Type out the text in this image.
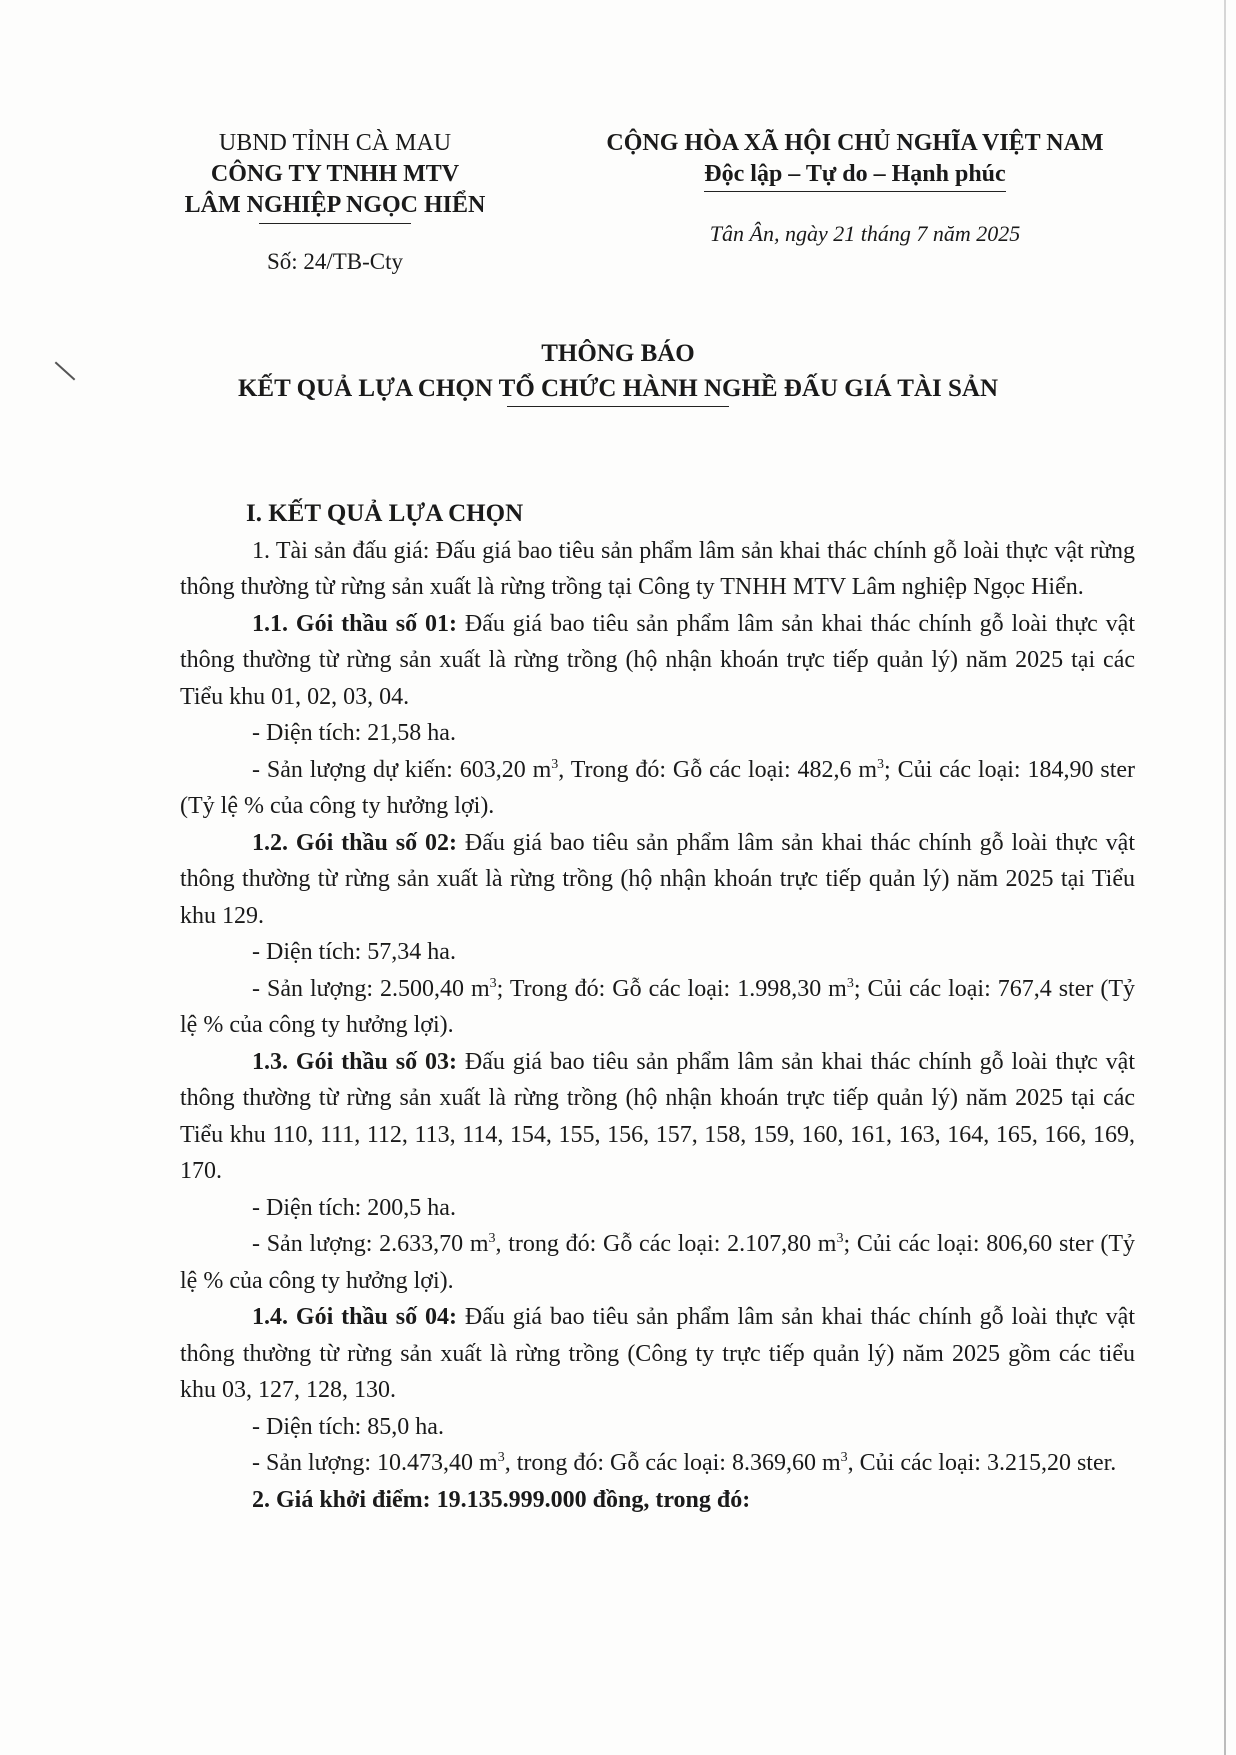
UBND TỈNH CÀ MAU
CÔNG TY TNHH MTV
LÂM NGHIỆP NGỌC HIỂN
Số: 24/TB-Cty
CỘNG HÒA XÃ HỘI CHỦ NGHĨA VIỆT NAM
Độc lập – Tự do – Hạnh phúc
Tân Ân, ngày 21 tháng 7 năm 2025
THÔNG BÁO
KẾT QUẢ LỰA CHỌN TỔ CHỨC HÀNH NGHỀ ĐẤU GIÁ TÀI SẢN

I. KẾT QUẢ LỰA CHỌN

1. Tài sản đấu giá: Đấu giá bao tiêu sản phẩm lâm sản khai thác chính gỗ loài thực vật rừng thông thường từ rừng sản xuất là rừng trồng tại Công ty TNHH MTV Lâm nghiệp Ngọc Hiển.

1.1. Gói thầu số 01: Đấu giá bao tiêu sản phẩm lâm sản khai thác chính gỗ loài thực vật thông thường từ rừng sản xuất là rừng trồng (hộ nhận khoán trực tiếp quản lý) năm 2025 tại các Tiểu khu 01, 02, 03, 04.

- Diện tích: 21,58 ha.

- Sản lượng dự kiến: 603,20 $m^3$, Trong đó: Gỗ các loại: 482,6 $m^3$; Củi các loại: 184,90 ster (Tỷ lệ % của công ty hưởng lợi).

1.2. Gói thầu số 02: Đấu giá bao tiêu sản phẩm lâm sản khai thác chính gỗ loài thực vật thông thường từ rừng sản xuất là rừng trồng (hộ nhận khoán trực tiếp quản lý) năm 2025 tại Tiểu khu 129.

- Diện tích: 57,34 ha.

- Sản lượng: 2.500,40 $m^3$; Trong đó: Gỗ các loại: 1.998,30 $m^3$; Củi các loại: 767,4 ster (Tỷ lệ % của công ty hưởng lợi).

1.3. Gói thầu số 03: Đấu giá bao tiêu sản phẩm lâm sản khai thác chính gỗ loài thực vật thông thường từ rừng sản xuất là rừng trồng (hộ nhận khoán trực tiếp quản lý) năm 2025 tại các Tiểu khu 110, 111, 112, 113, 114, 154, 155, 156, 157, 158, 159, 160, 161, 163, 164, 165, 166, 169, 170.

- Diện tích: 200,5 ha.

- Sản lượng: 2.633,70 $m^3$, trong đó: Gỗ các loại: 2.107,80 $m^3$; Củi các loại: 806,60 ster (Tỷ lệ % của công ty hưởng lợi).

1.4. Gói thầu số 04: Đấu giá bao tiêu sản phẩm lâm sản khai thác chính gỗ loài thực vật thông thường từ rừng sản xuất là rừng trồng (Công ty trực tiếp quản lý) năm 2025 gồm các tiểu khu 03, 127, 128, 130.

- Diện tích: 85,0 ha.

- Sản lượng: 10.473,40 $m^3$, trong đó: Gỗ các loại: 8.369,60 $m^3$, Củi các loại: 3.215,20 ster.

2. Giá khởi điểm: 19.135.999.000 đồng, trong đó:
